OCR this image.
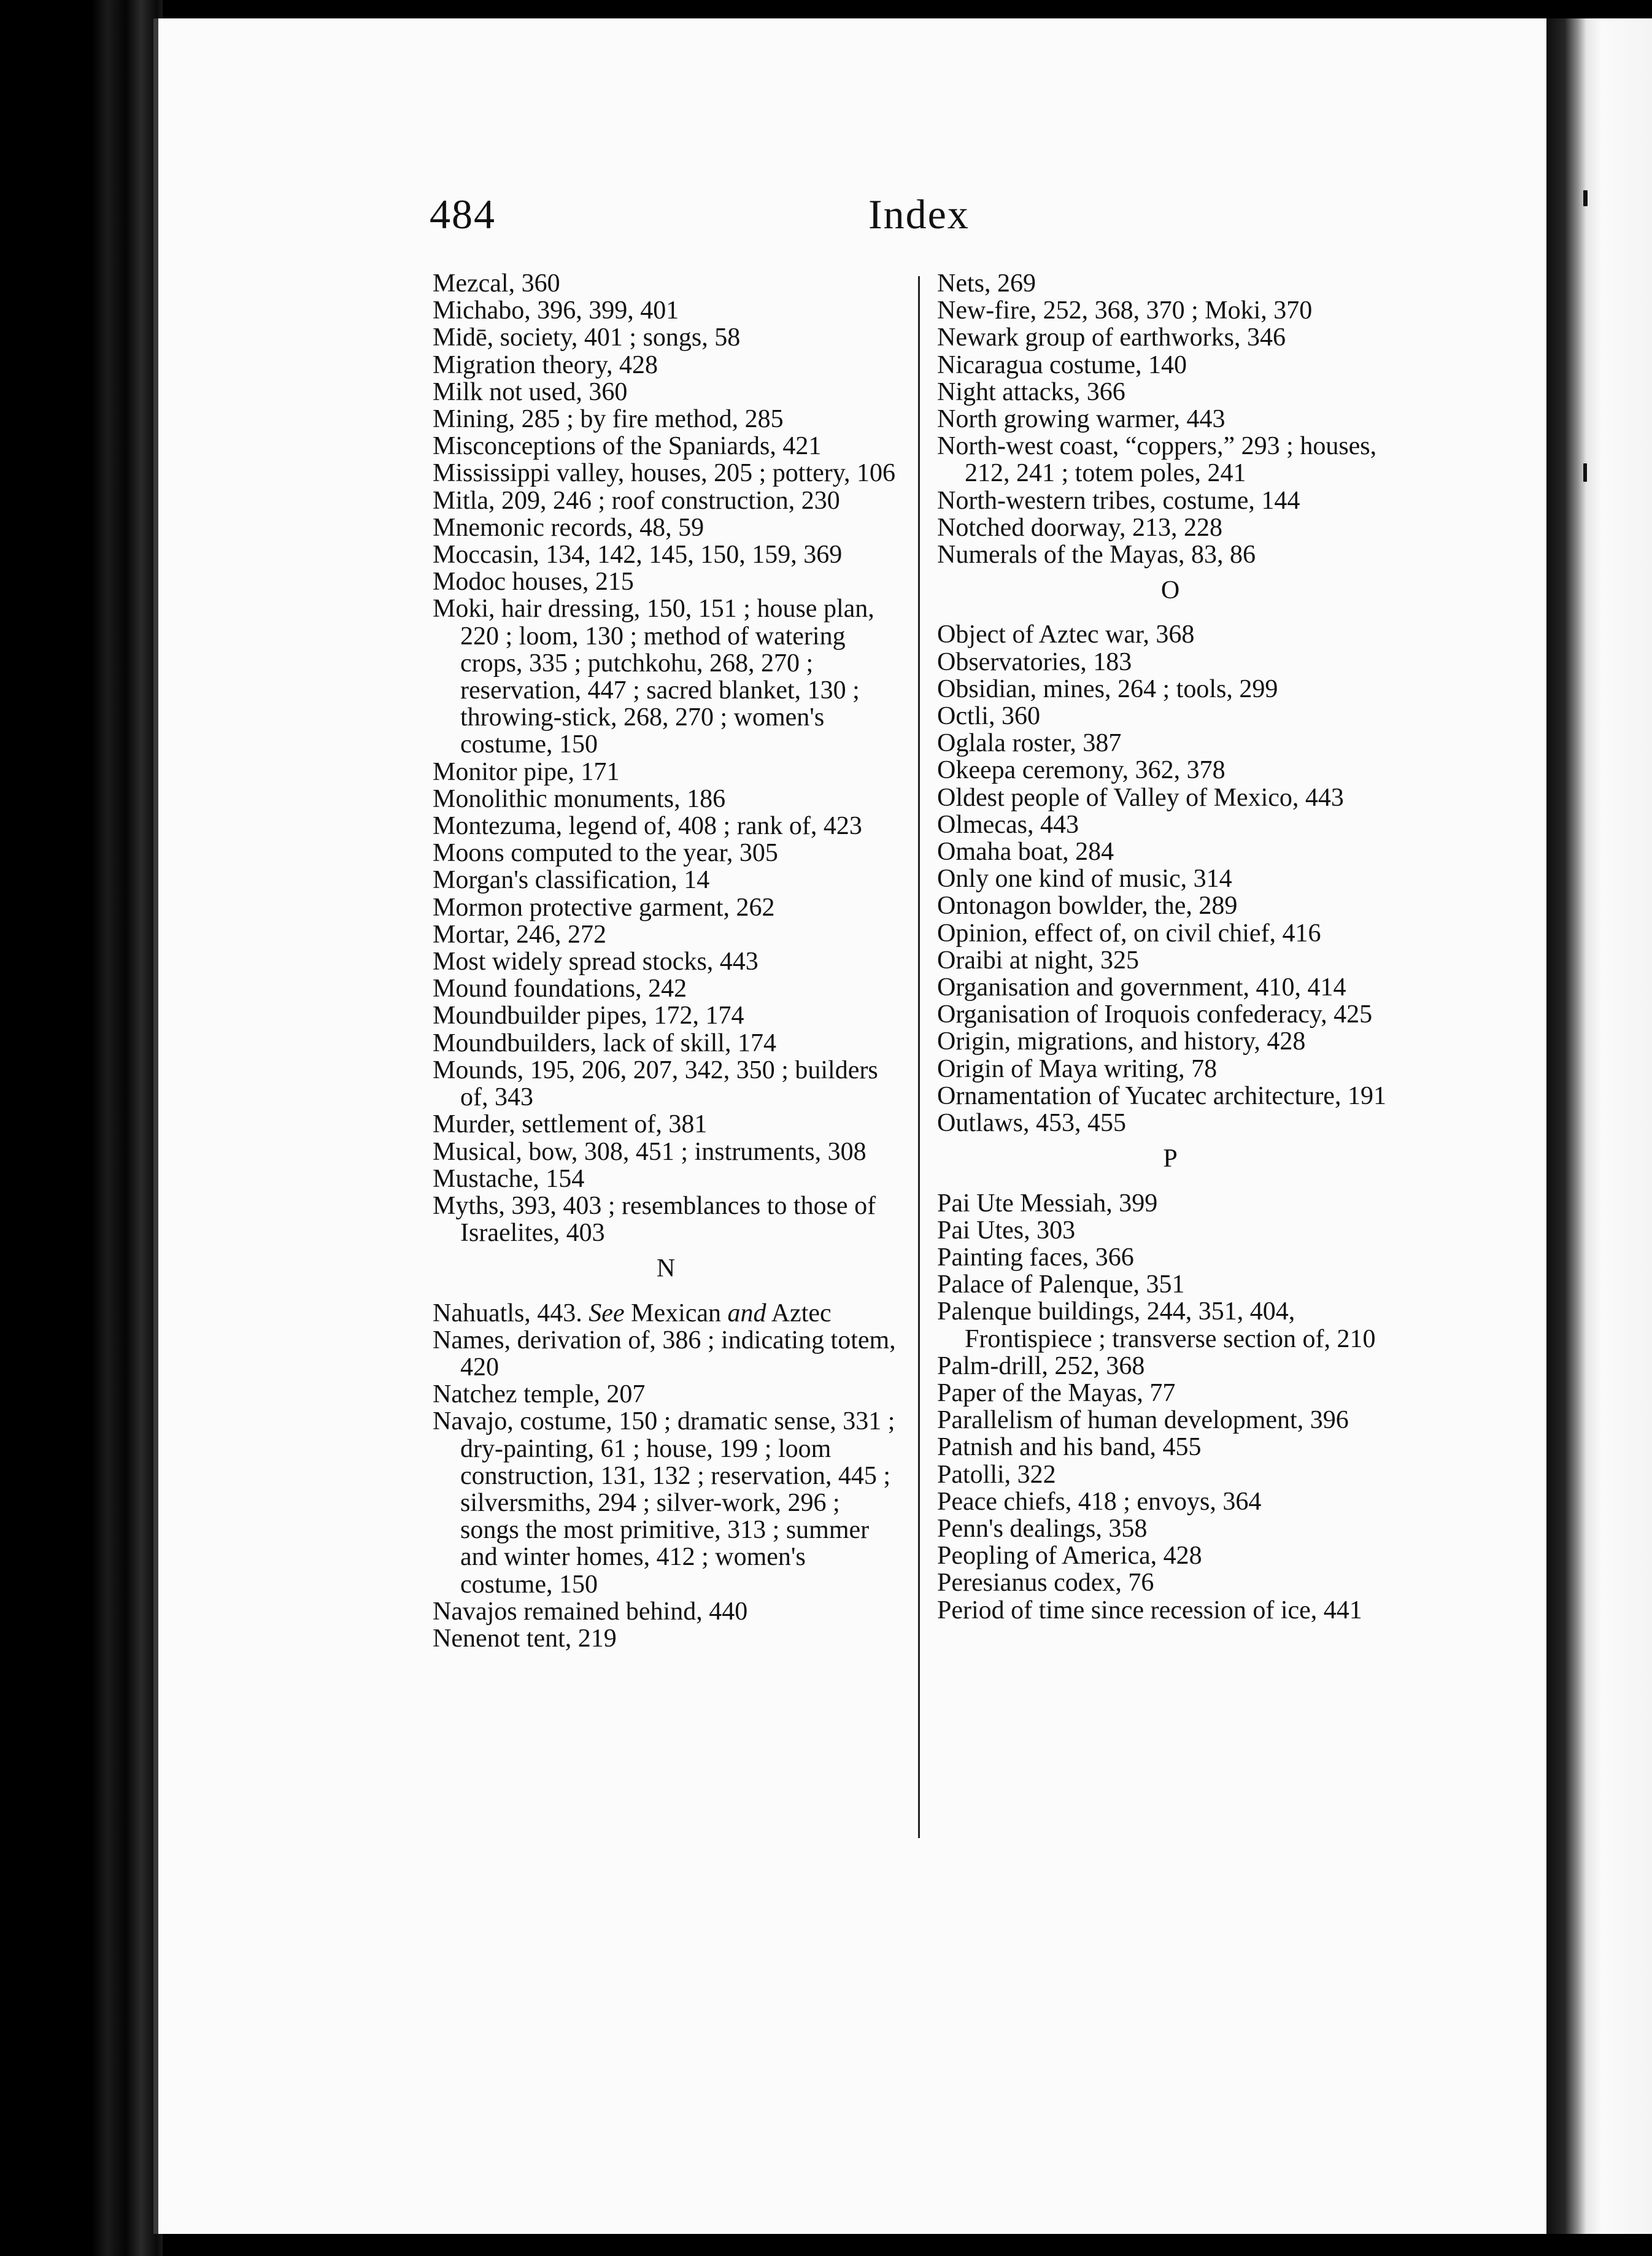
484	Index

Mezcal, 360

Michabo, 396, 399, 401

Midē, society, 401 ; songs, 58

Migration theory, 428

Milk not used, 360

Mining, 285 ; by fire method, 285

Misconceptions of the Spaniards, 421

Mississippi valley, houses, 205 ; pottery, 106

Mitla, 209, 246 ; roof construction, 230

Mnemonic records, 48, 59

Moccasin, 134, 142, 145, 150, 159, 369

Modoc houses, 215

Moki, hair dressing, 150, 151 ; house plan, 220 ; loom, 130 ; method of watering crops, 335 ; putchkohu, 268, 270 ; reservation, 447 ; sacred blanket, 130 ; throwing-stick, 268, 270 ; women's costume, 150

Monitor pipe, 171

Monolithic monuments, 186

Montezuma, legend of, 408 ; rank of, 423

Moons computed to the year, 305

Morgan's classification, 14

Mormon protective garment, 262

Mortar, 246, 272

Most widely spread stocks, 443

Mound foundations, 242

Moundbuilder pipes, 172, 174

Moundbuilders, lack of skill, 174

Mounds, 195, 206, 207, 342, 350 ; builders of, 343

Murder, settlement of, 381

Musical, bow, 308, 451 ; instruments, 308

Mustache, 154

Myths, 393, 403 ; resemblances to those of Israelites, 403

N

Nahuatls, 443. See Mexican and Aztec

Names, derivation of, 386 ; indicating totem, 420

Natchez temple, 207

Navajo, costume, 150 ; dramatic sense, 331 ; dry-painting, 61 ; house, 199 ; loom construction, 131, 132 ; reservation, 445 ; silversmiths, 294 ; silver-work, 296 ; songs the most primitive, 313 ; summer and winter homes, 412 ; women's costume, 150

Navajos remained behind, 440

Nenenot tent, 219

Nets, 269

New-fire, 252, 368, 370 ; Moki, 370

Newark group of earthworks, 346

Nicaragua costume, 140

Night attacks, 366

North growing warmer, 443

North-west coast, “coppers,” 293 ; houses, 212, 241 ; totem poles, 241

North-western tribes, costume, 144

Notched doorway, 213, 228

Numerals of the Mayas, 83, 86

O

Object of Aztec war, 368

Observatories, 183

Obsidian, mines, 264 ; tools, 299

Octli, 360

Oglala roster, 387

Okeepa ceremony, 362, 378

Oldest people of Valley of Mexico, 443

Olmecas, 443

Omaha boat, 284

Only one kind of music, 314

Ontonagon bowlder, the, 289

Opinion, effect of, on civil chief, 416

Oraibi at night, 325

Organisation and government, 410, 414

Organisation of Iroquois confederacy, 425

Origin, migrations, and history, 428

Origin of Maya writing, 78

Ornamentation of Yucatec architecture, 191

Outlaws, 453, 455

P

Pai Ute Messiah, 399

Pai Utes, 303

Painting faces, 366

Palace of Palenque, 351

Palenque buildings, 244, 351, 404, Frontispiece ; transverse section of, 210

Palm-drill, 252, 368

Paper of the Mayas, 77

Parallelism of human development, 396

Patnish and his band, 455

Patolli, 322

Peace chiefs, 418 ; envoys, 364

Penn's dealings, 358

Peopling of America, 428

Peresianus codex, 76

Period of time since recession of ice, 441
